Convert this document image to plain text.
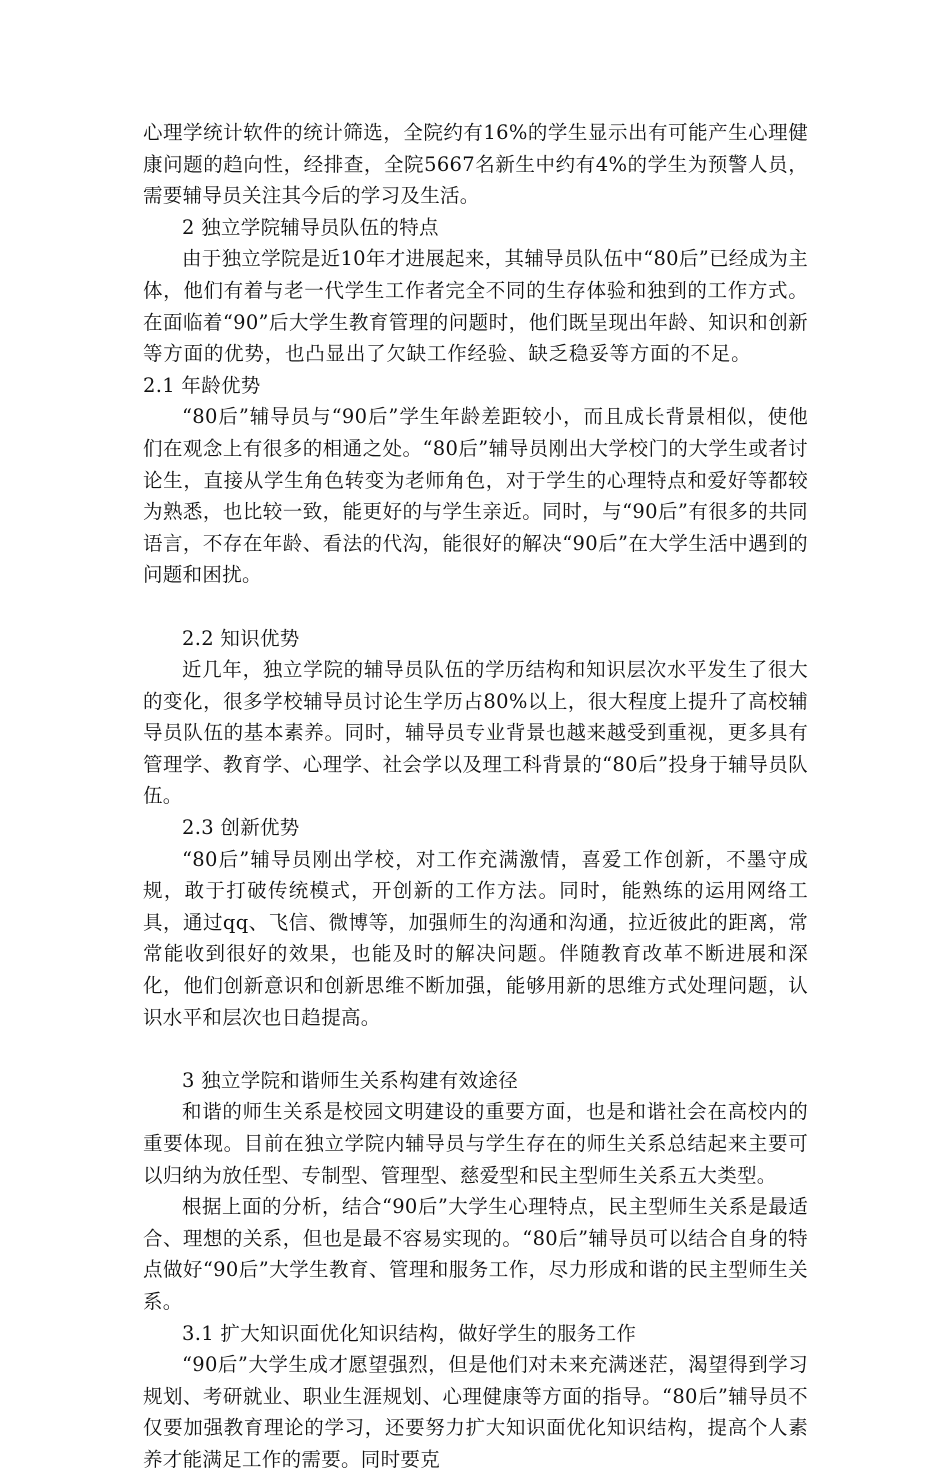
心理学统计软件的统计筛选，全院约有16%的学生显示出有可能产生心理健康问题的趋向性，经排查，全院5667名新生中约有4%的学生为预警人员，需要辅导员关注其今后的学习及生活。

2 独立学院辅导员队伍的特点

由于独立学院是近10年才进展起来，其辅导员队伍中“80后”已经成为主体，他们有着与老一代学生工作者完全不同的生存体验和独到的工作方式。在面临着“90”后大学生教育管理的问题时，他们既呈现出年龄、知识和创新等方面的优势，也凸显出了欠缺工作经验、缺乏稳妥等方面的不足。2.1 年龄优势

“80后”辅导员与“90后”学生年龄差距较小，而且成长背景相似，使他们在观念上有很多的相通之处。“80后”辅导员刚出大学校门的大学生或者讨论生，直接从学生角色转变为老师角色，对于学生的心理特点和爱好等都较为熟悉，也比较一致，能更好的与学生亲近。同时，与“90后”有很多的共同语言，不存在年龄、看法的代沟，能很好的解决“90后”在大学生活中遇到的问题和困扰。

2.2 知识优势

近几年，独立学院的辅导员队伍的学历结构和知识层次水平发生了很大的变化，很多学校辅导员讨论生学历占80%以上，很大程度上提升了高校辅导员队伍的基本素养。同时，辅导员专业背景也越来越受到重视，更多具有管理学、教育学、心理学、社会学以及理工科背景的“80后”投身于辅导员队伍。

2.3 创新优势

“80后”辅导员刚出学校，对工作充满激情，喜爱工作创新，不墨守成规，敢于打破传统模式，开创新的工作方法。同时，能熟练的运用网络工具，通过qq、飞信、微博等，加强师生的沟通和沟通，拉近彼此的距离，常常能收到很好的效果，也能及时的解决问题。伴随教育改革不断进展和深化，他们创新意识和创新思维不断加强，能够用新的思维方式处理问题，认识水平和层次也日趋提高。

3 独立学院和谐师生关系构建有效途径

和谐的师生关系是校园文明建设的重要方面，也是和谐社会在高校内的重要体现。目前在独立学院内辅导员与学生存在的师生关系总结起来主要可以归纳为放任型、专制型、管理型、慈爱型和民主型师生关系五大类型。

根据上面的分析，结合“90后”大学生心理特点，民主型师生关系是最适合、理想的关系，但也是最不容易实现的。“80后”辅导员可以结合自身的特点做好“90后”大学生教育、管理和服务工作，尽力形成和谐的民主型师生关系。

3.1 扩大知识面优化知识结构，做好学生的服务工作

“90后”大学生成才愿望强烈，但是他们对未来充满迷茫，渴望得到学习规划、考研就业、职业生涯规划、心理健康等方面的指导。“80后”辅导员不仅要加强教育理论的学习，还要努力扩大知识面优化知识结构，提高个人素养才能满足工作的需要。同时要克
